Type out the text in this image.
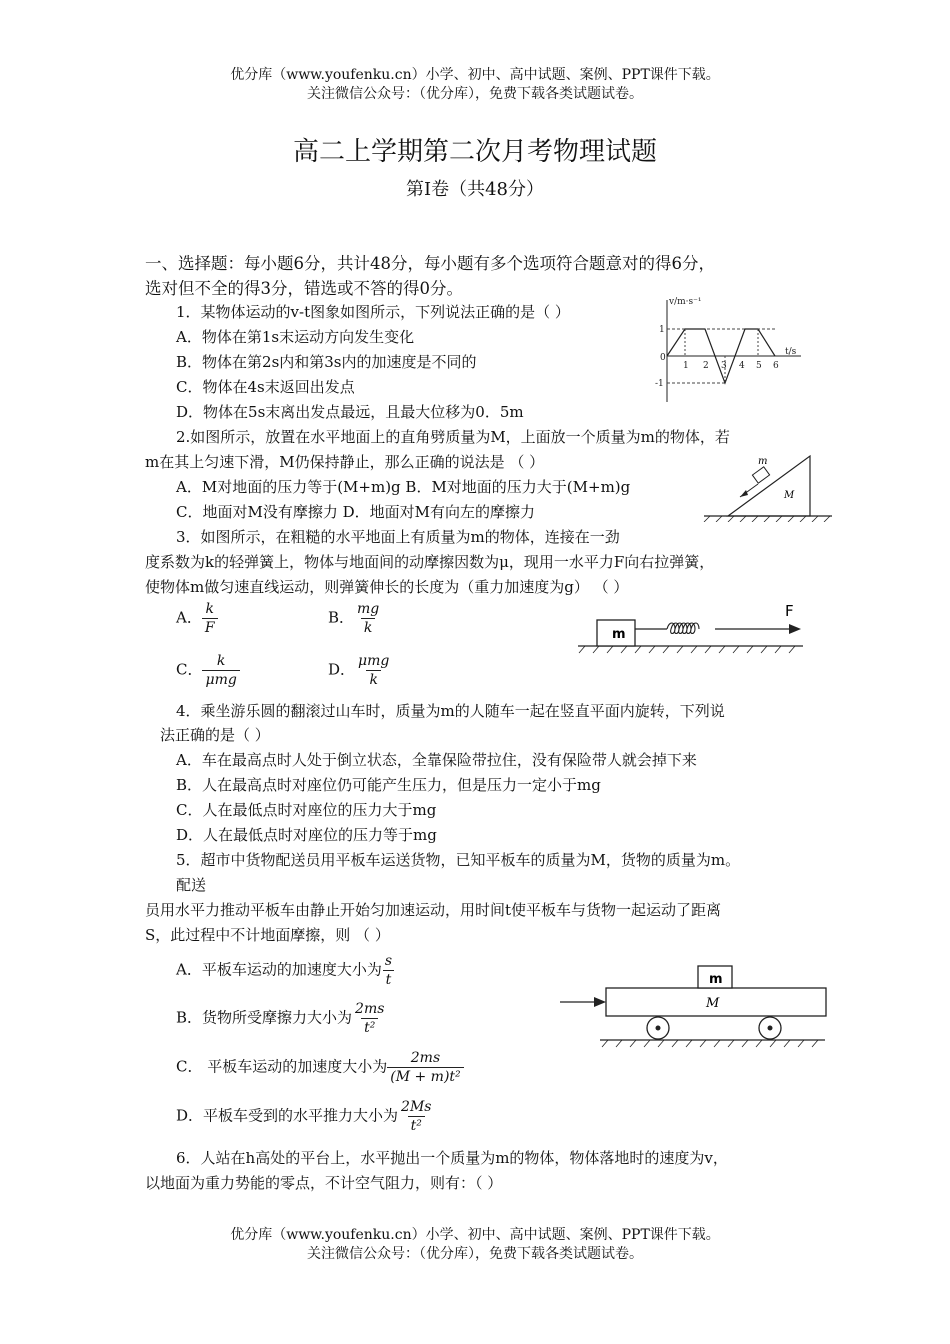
优分库（www.youfenku.cn）小学、初中、高中试题、案例、PPT课件下载。
关注微信公众号：（优分库），免费下载各类试题试卷。
高二上学期第二次月考物理试题
第I卷（共48分）
一、选择题：每小题6分，共计48分，每小题有多个选项符合题意对的得6分，
选对但不全的得3分，错选或不答的得0分。
1．某物体运动的v-t图象如图所示，下列说法正确的是（ ）
A．物体在第1s末运动方向发生变化
B．物体在第2s内和第3s内的加速度是不同的
C．物体在4s末返回出发点
D．物体在5s末离出发点最远，且最大位移为0．5m
v/m·s⁻¹
t/s
1
-1
0
1 2 3 4 5 6
2.如图所示，放置在水平地面上的直角劈质量为M，上面放一个质量为m的物体，若
m在其上匀速下滑，M仍保持静止，那么正确的说法是 （ ）
A．M对地面的压力等于(M+m)g B．M对地面的压力大于(M+m)g
C．地面对M没有摩擦力 D．地面对M有向左的摩擦力
m
M
3．如图所示，在粗糙的水平地面上有质量为m的物体，连接在一劲
度系数为k的轻弹簧上，物体与地面间的动摩擦因数为μ，现用一水平力F向右拉弹簧，
使物体m做匀速直线运动，则弹簧伸长的长度为（重力加速度为g） （ ）
A． $\frac{k}{F}$	B． $\frac{mg}{k}$
C． $\frac{k}{\text{μmg}}$	D． $\frac{\text{μmg}}{k}$
m
F
4．乘坐游乐圆的翻滚过山车时，质量为m的人随车一起在竖直平面内旋转，下列说
法正确的是（ ）
A．车在最高点时人处于倒立状态，全靠保险带拉住，没有保险带人就会掉下来
B．人在最高点时对座位仍可能产生压力，但是压力一定小于mg
C．人在最低点时对座位的压力大于mg
D．人在最低点时对座位的压力等于mg
5．超市中货物配送员用平板车运送货物，已知平板车的质量为M，货物的质量为m。
配送
员用水平力推动平板车由静止开始匀加速运动，用时间t使平板车与货物一起运动了距离
S，此过程中不计地面摩擦，则 （ ）
A．平板车运动的加速度大小为 $\frac{s}{t}$
B．货物所受摩擦力大小为 $\frac{2ms}{\text{t²}}$
C． 平板车运动的加速度大小为 $\frac{2ms}{\text{(M + m)t²}}$
D．平板车受到的水平推力大小为 $\frac{2Ms}{\text{t²}}$
m
M
6．人站在h高处的平台上，水平抛出一个质量为m的物体，物体落地时的速度为v，
以地面为重力势能的零点，不计空气阻力，则有：（ ）
优分库（www.youfenku.cn）小学、初中、高中试题、案例、PPT课件下载。
关注微信公众号：（优分库），免费下载各类试题试卷。
